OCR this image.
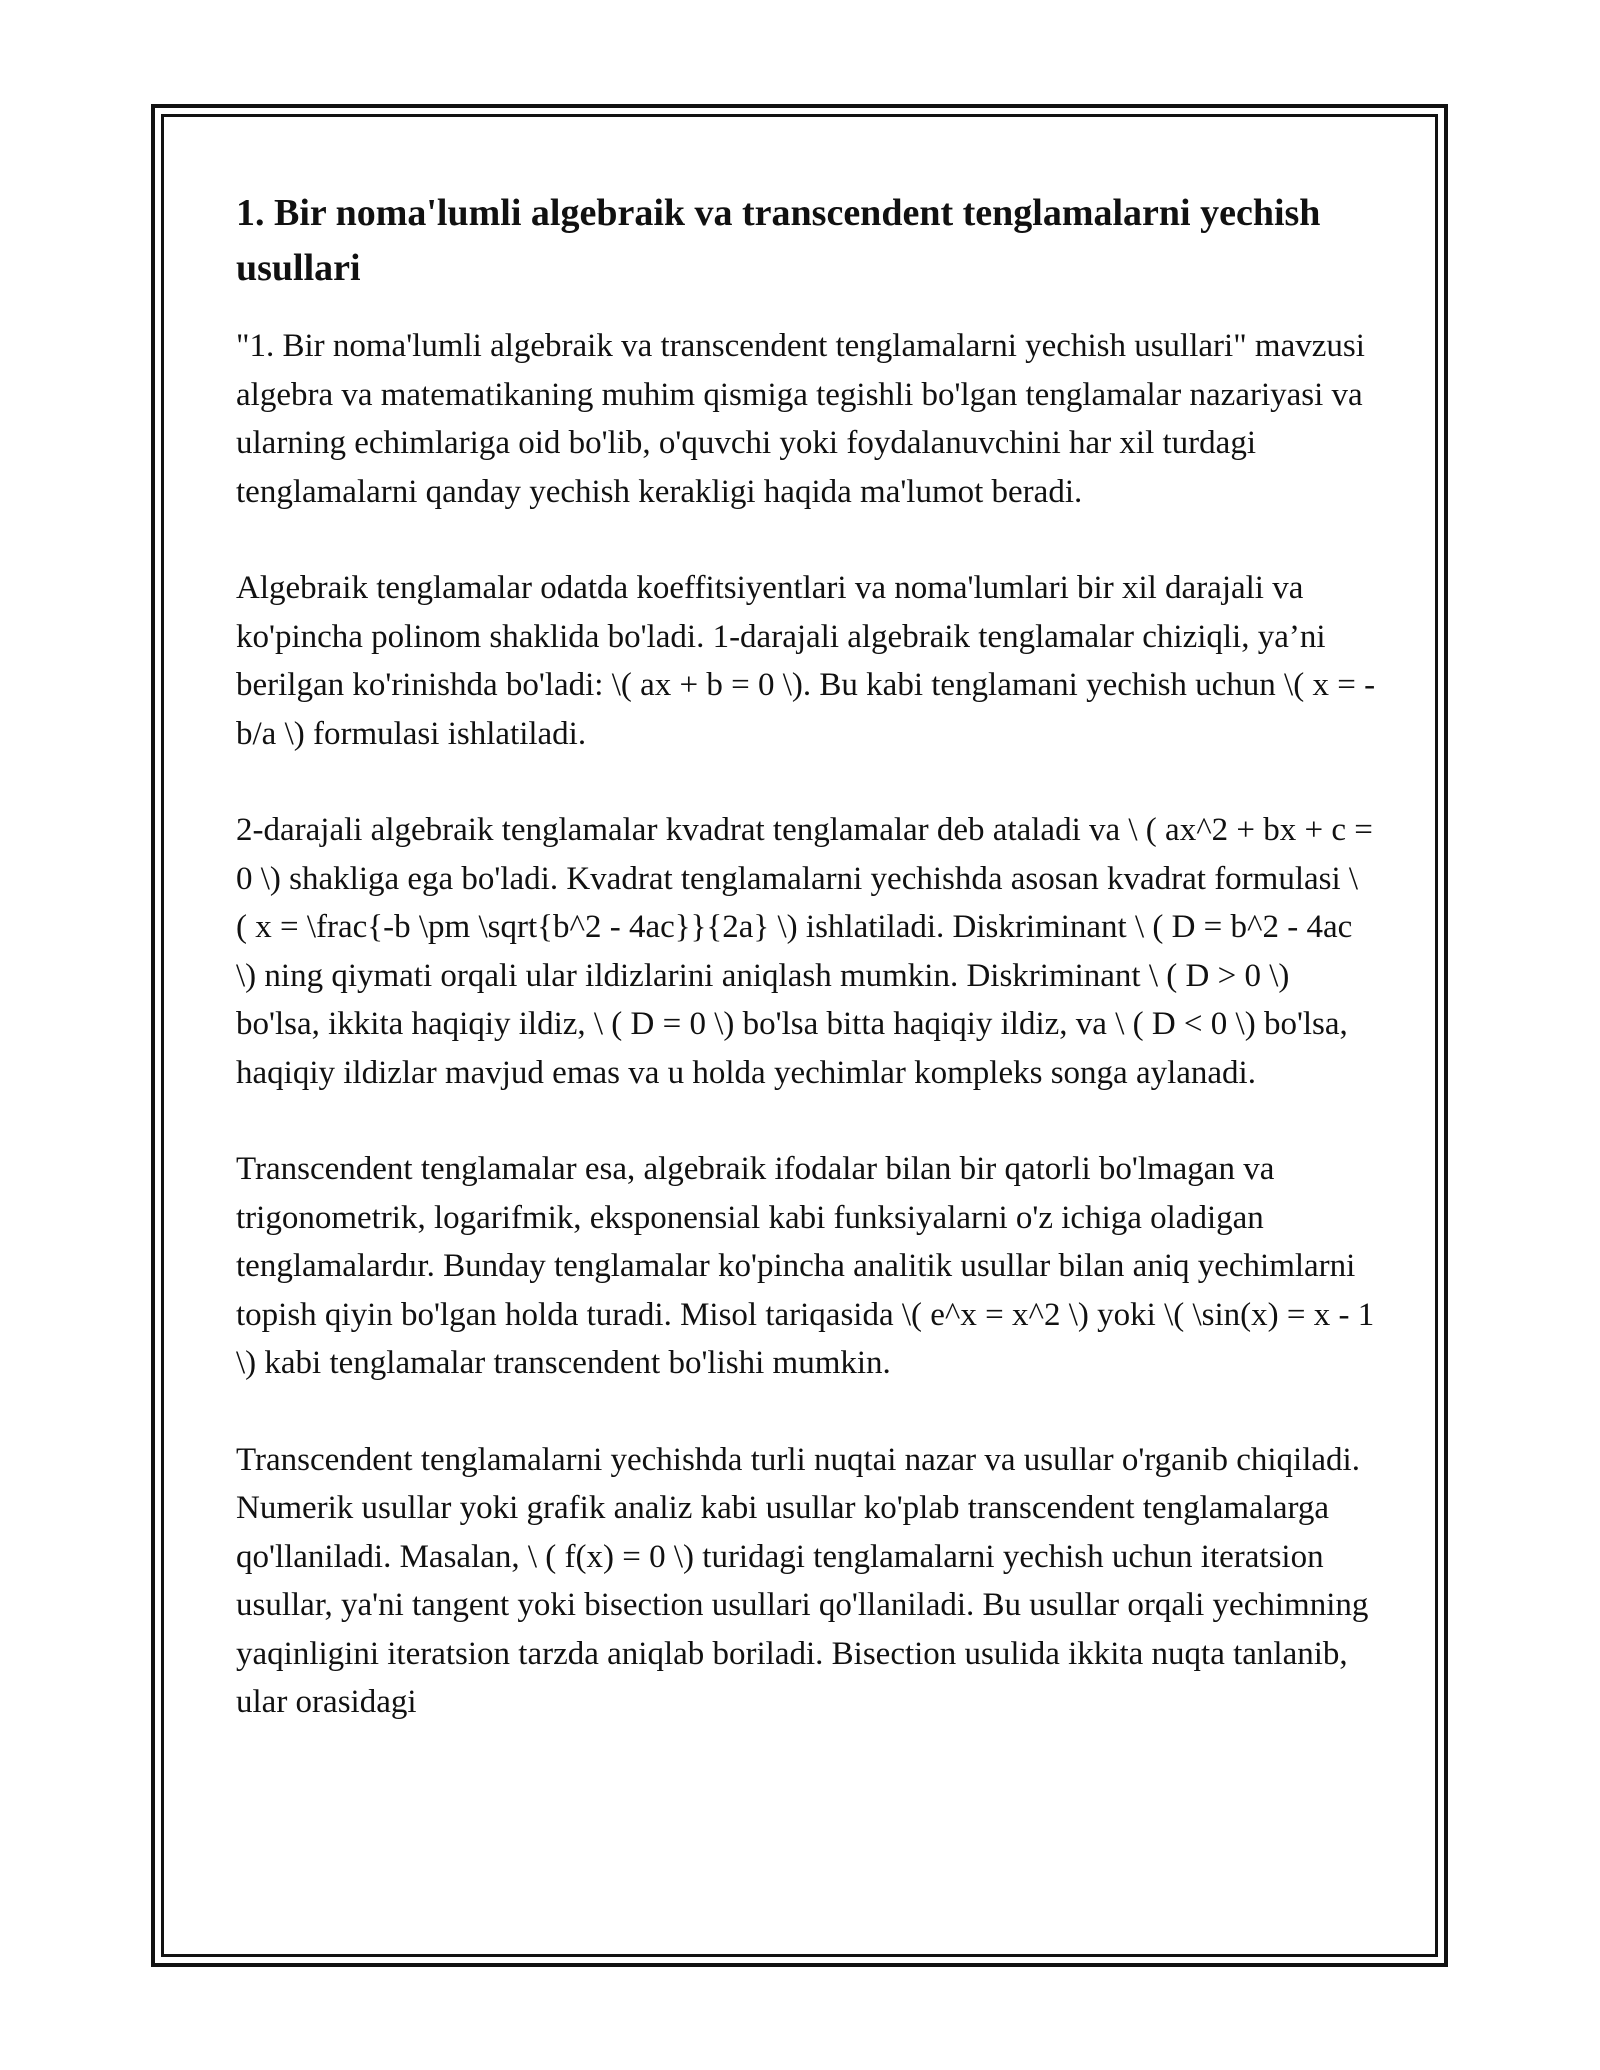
1. Bir noma'lumli algebraik va transcendent tenglamalarni yechish usullari

"1. Bir noma'lumli algebraik va transcendent tenglamalarni yechish usullari" mavzusi algebra va matematikaning muhim qismiga tegishli bo'lgan tenglamalar nazariyasi va ularning echimlariga oid bo'lib, o'quvchi yoki foydalanuvchini har xil turdagi tenglamalarni qanday yechish kerakligi haqida ma'lumot beradi.

Algebraik tenglamalar odatda koeffitsiyentlari va noma'lumlari bir xil darajali va ko'pincha polinom shaklida bo'ladi. 1-darajali algebraik tenglamalar chiziqli, ya’ni berilgan ko'rinishda bo'ladi: \( ax + b = 0 \). Bu kabi tenglamani yechish uchun \( x = -b/a \) formulasi ishlatiladi.

2-darajali algebraik tenglamalar kvadrat tenglamalar deb ataladi va \ ( ax^2 + bx + c = 0 \) shakliga ega bo'ladi. Kvadrat tenglamalarni yechishda asosan kvadrat formulasi \ ( x = \frac{-b \pm \sqrt{b^2 - 4ac}}{2a} \) ishlatiladi. Diskriminant \ ( D = b^2 - 4ac \) ning qiymati orqali ular ildizlarini aniqlash mumkin. Diskriminant \ ( D > 0 \) bo'lsa, ikkita haqiqiy ildiz, \ ( D = 0 \) bo'lsa bitta haqiqiy ildiz, va \ ( D < 0 \) bo'lsa, haqiqiy ildizlar mavjud emas va u holda yechimlar kompleks songa aylanadi.

Transcendent tenglamalar esa, algebraik ifodalar bilan bir qatorli bo'lmagan va trigonometrik, logarifmik, eksponensial kabi funksiyalarni o'z ichiga oladigan tenglamalardır. Bunday tenglamalar ko'pincha analitik usullar bilan aniq yechimlarni topish qiyin bo'lgan holda turadi. Misol tariqasida \( e^x = x^2 \) yoki \( \sin(x) = x - 1 \) kabi tenglamalar transcendent bo'lishi mumkin.

Transcendent tenglamalarni yechishda turli nuqtai nazar va usullar o'rganib chiqiladi. Numerik usullar yoki grafik analiz kabi usullar ko'plab transcendent tenglamalarga qo'llaniladi. Masalan, \ ( f(x) = 0 \) turidagi tenglamalarni yechish uchun iteratsion usullar, ya'ni tangent yoki bisection usullari qo'llaniladi. Bu usullar orqali yechimning yaqinligini iteratsion tarzda aniqlab boriladi. Bisection usulida ikkita nuqta tanlanib, ular orasidagi
